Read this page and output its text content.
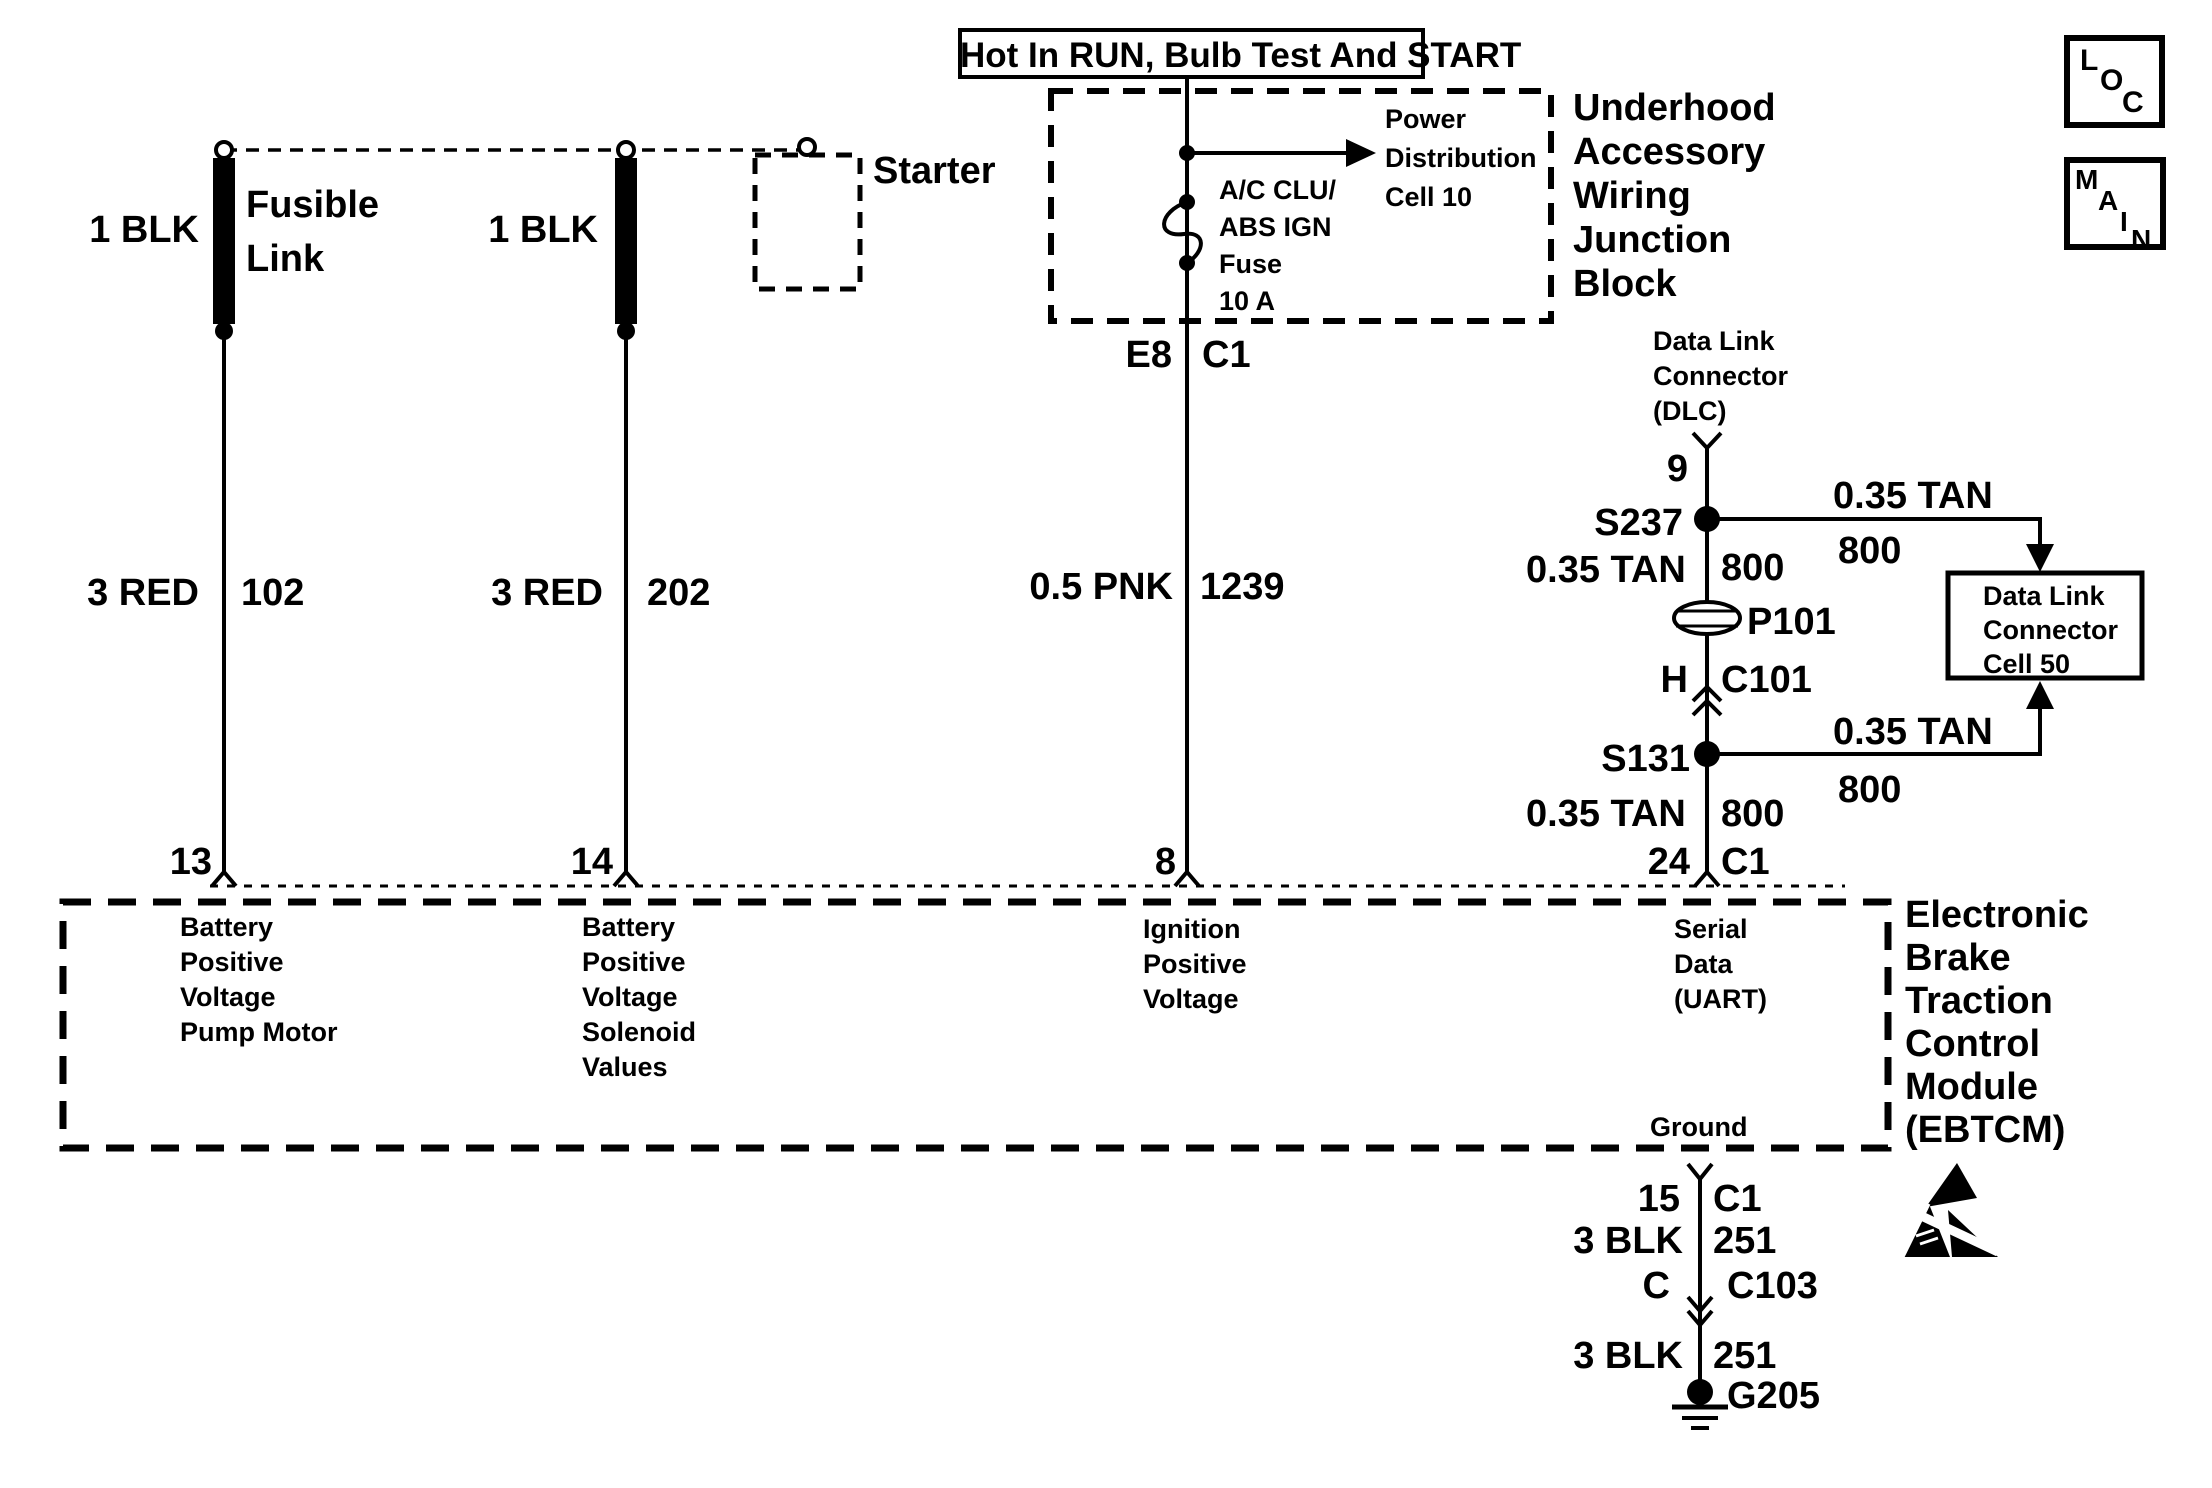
Hot In RUN, Bulb Test And START	L
O
C
M
A
I
N
1 BLK
Fusible
Link
1 BLK
Starter
Power
Distribution
Cell 10
A/C CLU/
ABS IGN
Fuse
10 A
Underhood
Accessory
Wiring
Junction
Block
E8 C1
3 RED 102	3 RED 202	0.5 PNK 1239
Data Link
Connector
(DLC)
9
S237
0.35 TAN
800
0.35 TAN 800
P101
H C101
0.35 TAN
800
S131
0.35 TAN 800
24 C1
Data Link
Connector
Cell 50
13	14	8
Battery
Positive
Voltage
Pump Motor
Battery
Positive
Voltage
Solenoid
Values
Ignition
Positive
Voltage
Serial
Data
(UART)
Ground
Electronic
Brake
Traction
Control
Module
(EBTCM)
15 C1
3 BLK 251
C C103
3 BLK 251
G205
